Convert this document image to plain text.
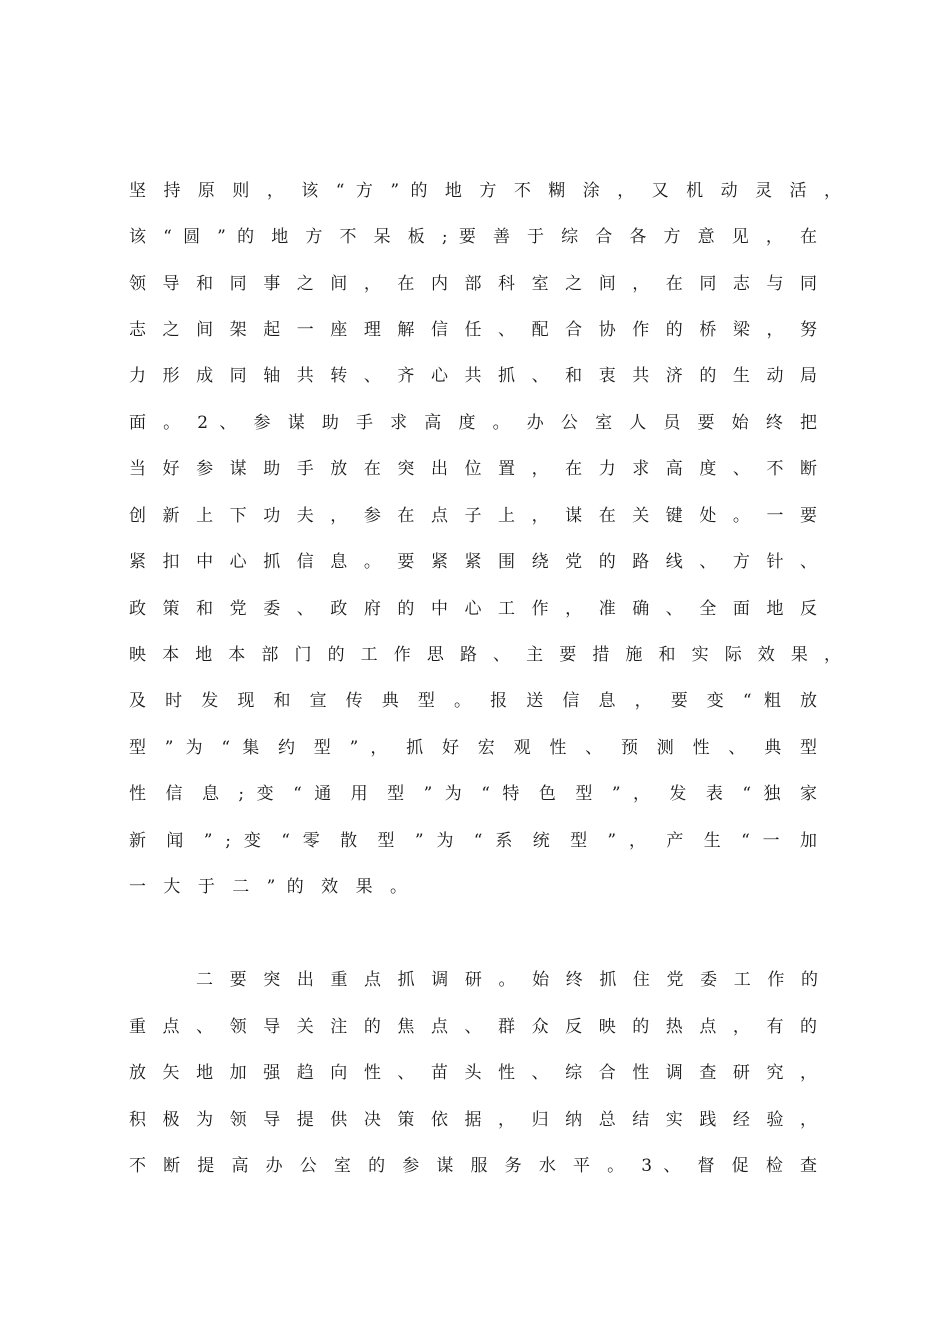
坚 持 原 则 ， 该 “ 方 ” 的 地 方 不 糊 涂 ， 又 机 动 灵 活 ，
该 “ 圆 ” 的 地 方 不 呆 板 ; 要 善 于 综 合 各 方 意 见 ， 在
领 导 和 同 事 之 间 ， 在 内 部 科 室 之 间 ， 在 同 志 与 同
志 之 间 架 起 一 座 理 解 信 任 、 配 合 协 作 的 桥 梁 ， 努
力 形 成 同 轴 共 转 、 齐 心 共 抓 、 和 衷 共 济 的 生 动 局
面 。 2 、 参 谋 助 手 求 高 度 。 办 公 室 人 员 要 始 终 把
当 好 参 谋 助 手 放 在 突 出 位 置 ， 在 力 求 高 度 、 不 断
创 新 上 下 功 夫 ， 参 在 点 子 上 ， 谋 在 关 键 处 。 一 要
紧 扣 中 心 抓 信 息 。 要 紧 紧 围 绕 党 的 路 线 、 方 针 、
政 策 和 党 委 、 政 府 的 中 心 工 作 ， 准 确 、 全 面 地 反
映 本 地 本 部 门 的 工 作 思 路 、 主 要 措 施 和 实 际 效 果 ，
及 时 发 现 和 宣 传 典 型 。 报 送 信 息 ， 要 变 “ 粗 放
型 ” 为 “ 集 约 型 ” ， 抓 好 宏 观 性 、 预 测 性 、 典 型
性 信 息 ; 变 “ 通 用 型 ” 为 “ 特 色 型 ” ， 发 表 “ 独 家
新 闻 ” ; 变 “ 零 散 型 ” 为 “ 系 统 型 ” ， 产 生 “ 一 加
一 大 于 二 ” 的 效 果 。
二 要 突 出 重 点 抓 调 研 。 始 终 抓 住 党 委 工 作 的
重 点 、 领 导 关 注 的 焦 点 、 群 众 反 映 的 热 点 ， 有 的
放 矢 地 加 强 趋 向 性 、 苗 头 性 、 综 合 性 调 查 研 究 ，
积 极 为 领 导 提 供 决 策 依 据 ， 归 纳 总 结 实 践 经 验 ，
不 断 提 高 办 公 室 的 参 谋 服 务 水 平 。 3 、 督 促 检 查
